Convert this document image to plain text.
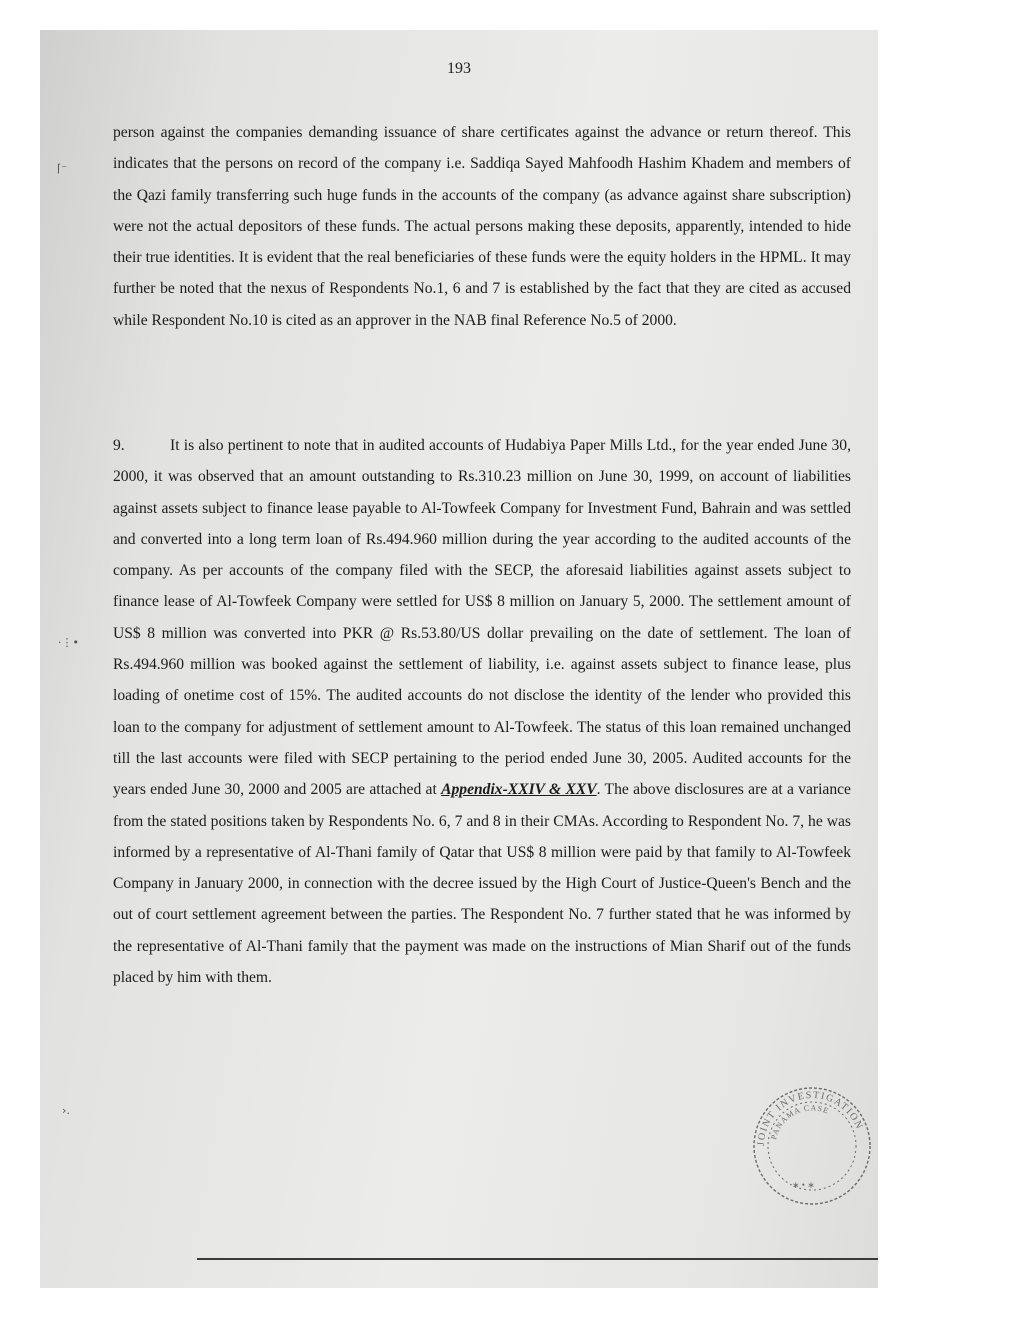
193
⌈⁻
·⋮•
›․

person against the companies demanding issuance of share certificates against the advance or return thereof. This indicates that the persons on record of the company i.e. Saddiqa Sayed Mahfoodh Hashim Khadem and members of the Qazi family transferring such huge funds in the accounts of the company (as advance against share subscription) were not the actual depositors of these funds. The actual persons making these deposits, apparently, intended to hide their true identities. It is evident that the real beneficiaries of these funds were the equity holders in the HPML. It may further be noted that the nexus of Respondents No.1, 6 and 7 is established by the fact that they are cited as accused while Respondent No.10 is cited as an approver in the NAB final Reference No.5 of 2000.

9.	It is also pertinent to note that in audited accounts of Hudabiya Paper Mills Ltd., for the year ended June 30, 2000, it was observed that an amount outstanding to Rs.310.23 million on June 30, 1999, on account of liabilities against assets subject to finance lease payable to Al-Towfeek Company for Investment Fund, Bahrain and was settled and converted into a long term loan of Rs.494.960 million during the year according to the audited accounts of the company. As per accounts of the company filed with the SECP, the aforesaid liabilities against assets subject to finance lease of Al-Towfeek Company were settled for US$ 8 million on January 5, 2000. The settlement amount of US$ 8 million was converted into PKR @ Rs.53.80/US dollar prevailing on the date of settlement. The loan of Rs.494.960 million was booked against the settlement of liability, i.e. against assets subject to finance lease, plus loading of onetime cost of 15%. The audited accounts do not disclose the identity of the lender who provided this loan to the company for adjustment of settlement amount to Al-Towfeek. The status of this loan remained unchanged till the last accounts were filed with SECP pertaining to the period ended June 30, 2005. Audited accounts for the years ended June 30, 2000 and 2005 are attached at Appendix-XXIV & XXV. The above disclosures are at a variance from the stated positions taken by Respondents No. 6, 7 and 8 in their CMAs. According to Respondent No. 7, he was informed by a representative of Al-Thani family of Qatar that US$ 8 million were paid by that family to Al-Towfeek Company in January 2000, in connection with the decree issued by the High Court of Justice-Queen's Bench and the out of court settlement agreement between the parties. The Respondent No. 7 further stated that he was informed by the representative of Al-Thani family that the payment was made on the instructions of Mian Sharif out of the funds placed by him with them.

JOINT INVESTIGATION
PANAMA CASE
∗ • ∗
